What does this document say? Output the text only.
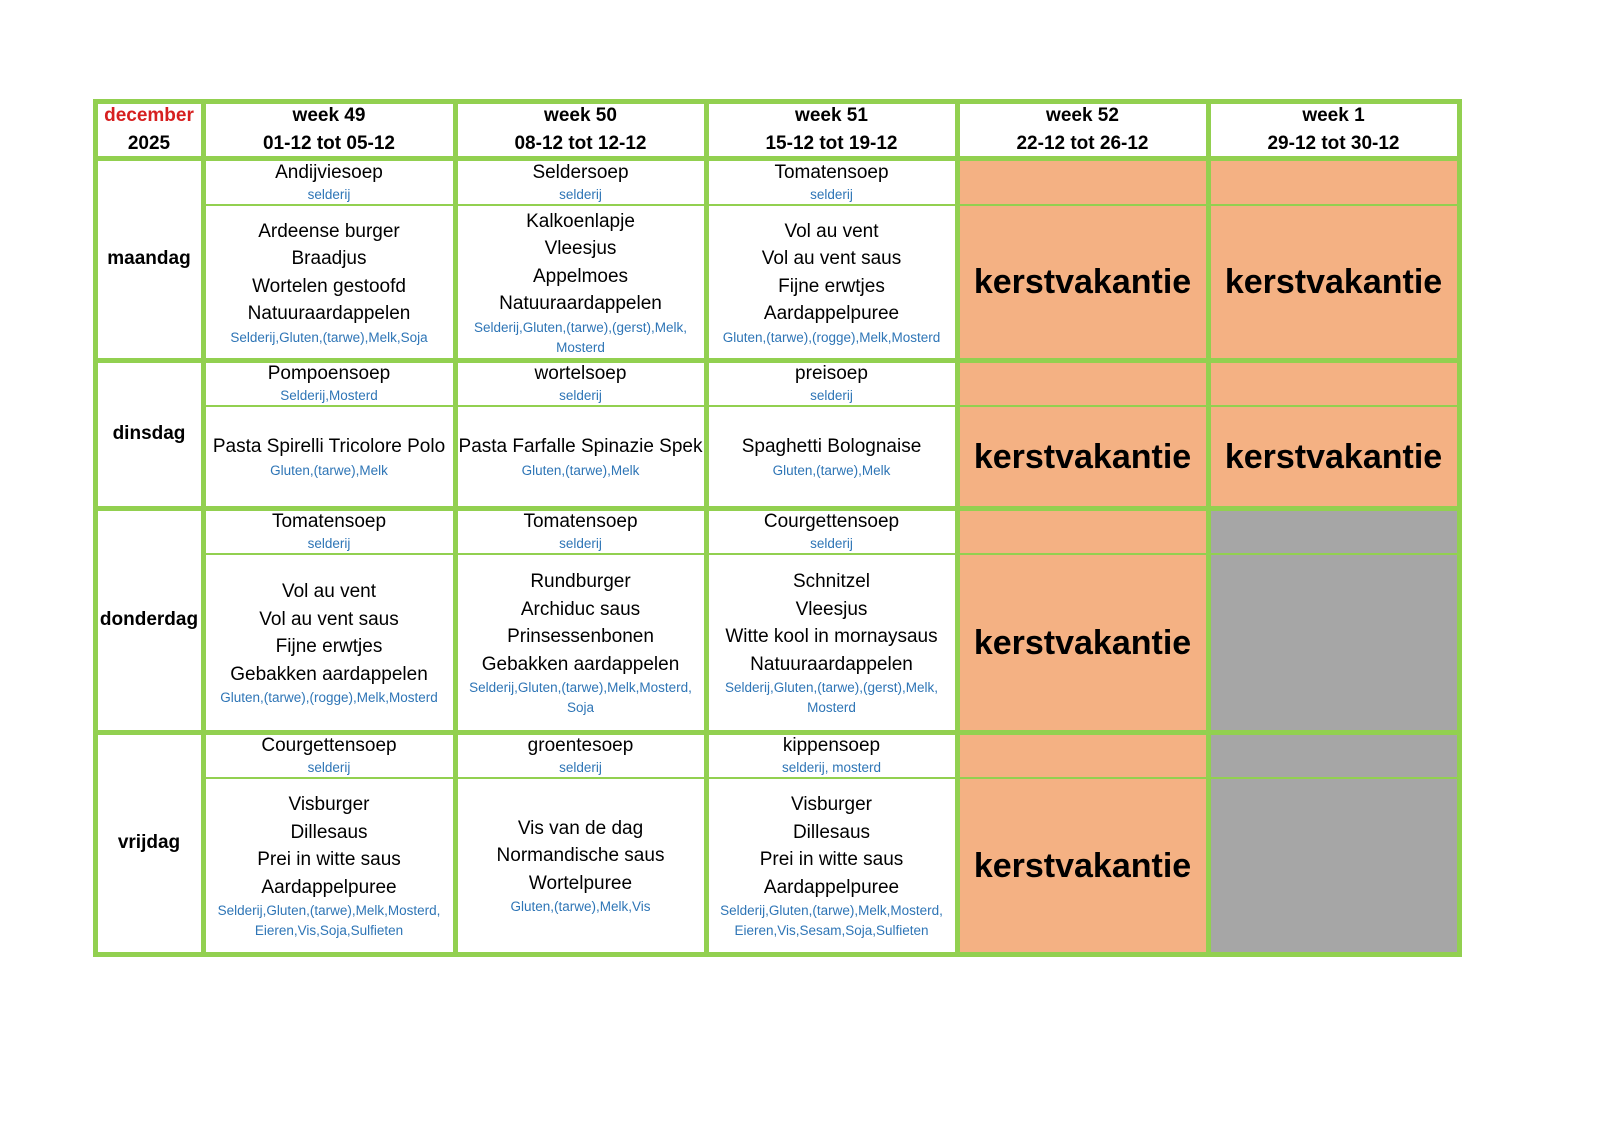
december
2025
week 49
01-12 tot 05-12
week 50
08-12 tot 12-12
week 51
15-12 tot 19-12
week 52
22-12 tot 26-12
week 1
29-12 tot 30-12
maandag
Andijviesoep
selderij
Ardeense burger
Braadjus
Wortelen gestoofd
Natuuraardappelen
Selderij,Gluten,(tarwe),Melk,Soja
Seldersoep
selderij
Kalkoenlapje
Vleesjus
Appelmoes
Natuuraardappelen
Selderij,Gluten,(tarwe),(gerst),Melk,
Mosterd
Tomatensoep
selderij
Vol au vent
Vol au vent saus
Fijne erwtjes
Aardappelpuree
Gluten,(tarwe),(rogge),Melk,Mosterd
kerstvakantie kerstvakantie
dinsdag
Pompoensoep
Selderij,Mosterd
Pasta Spirelli Tricolore Polo
Gluten,(tarwe),Melk
wortelsoep
selderij
Pasta Farfalle Spinazie Spek
Gluten,(tarwe),Melk
preisoep
selderij
Spaghetti Bolognaise
Gluten,(tarwe),Melk kerstvakantie kerstvakantie
donderdag
Tomatensoep
selderij
Vol au vent
Vol au vent saus
Fijne erwtjes
Gebakken aardappelen
Gluten,(tarwe),(rogge),Melk,Mosterd
Tomatensoep
selderij
Rundburger
Archiduc saus
Prinsessenbonen
Gebakken aardappelen
Selderij,Gluten,(tarwe),Melk,Mosterd,
Soja
Courgettensoep
selderij
Schnitzel
Vleesjus
Witte kool in mornaysaus
Natuuraardappelen
Selderij,Gluten,(tarwe),(gerst),Melk,
Mosterd
kerstvakantie
vrijdag
Courgettensoep
selderij
Visburger
Dillesaus
Prei in witte saus
Aardappelpuree
Selderij,Gluten,(tarwe),Melk,Mosterd,
Eieren,Vis,Soja,Sulfieten
groentesoep
selderij
Vis van de dag
Normandische saus
Wortelpuree
Gluten,(tarwe),Melk,Vis
kippensoep
selderij, mosterd
Visburger
Dillesaus
Prei in witte saus
Aardappelpuree
Selderij,Gluten,(tarwe),Melk,Mosterd,
Eieren,Vis,Sesam,Soja,Sulfieten
kerstvakantie
